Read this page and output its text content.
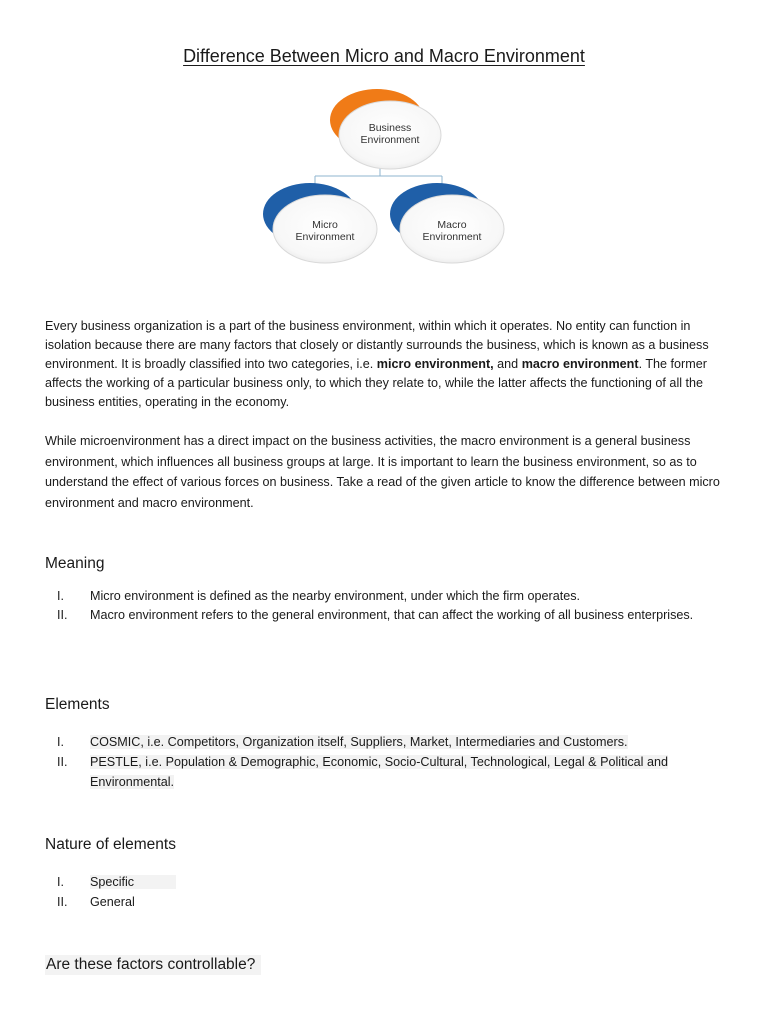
Difference Between Micro and Macro Environment
Business
Environment
Micro
Environment
Macro
Environment

Every business organization is a part of the business environment, within which it operates. No entity can function in isolation because there are many factors that closely or distantly surrounds the business, which is known as a business environment. It is broadly classified into two categories, i.e. micro environment, and macro environment. The former affects the working of a particular business only, to which they relate to, while the latter affects the functioning of all the business entities, operating in the economy.

While microenvironment has a direct impact on the business activities, the macro environment is a general business environment, which influences all business groups at large. It is important to learn the business environment, so as to understand the effect of various forces on business. Take a read of the given article to know the difference between micro environment and macro environment.

Meaning
I. Micro environment is defined as the nearby environment, under which the firm operates.
II. Macro environment refers to the general environment, that can affect the working of all business enterprises.
Elements
I. COSMIC, i.e. Competitors, Organization itself, Suppliers, Market, Intermediaries and Customers.
II. PESTLE, i.e. Population & Demographic, Economic, Socio-Cultural, Technological, Legal & Political and Environmental.
Nature of elements
I. Specific
II. General
Are these factors controllable?
